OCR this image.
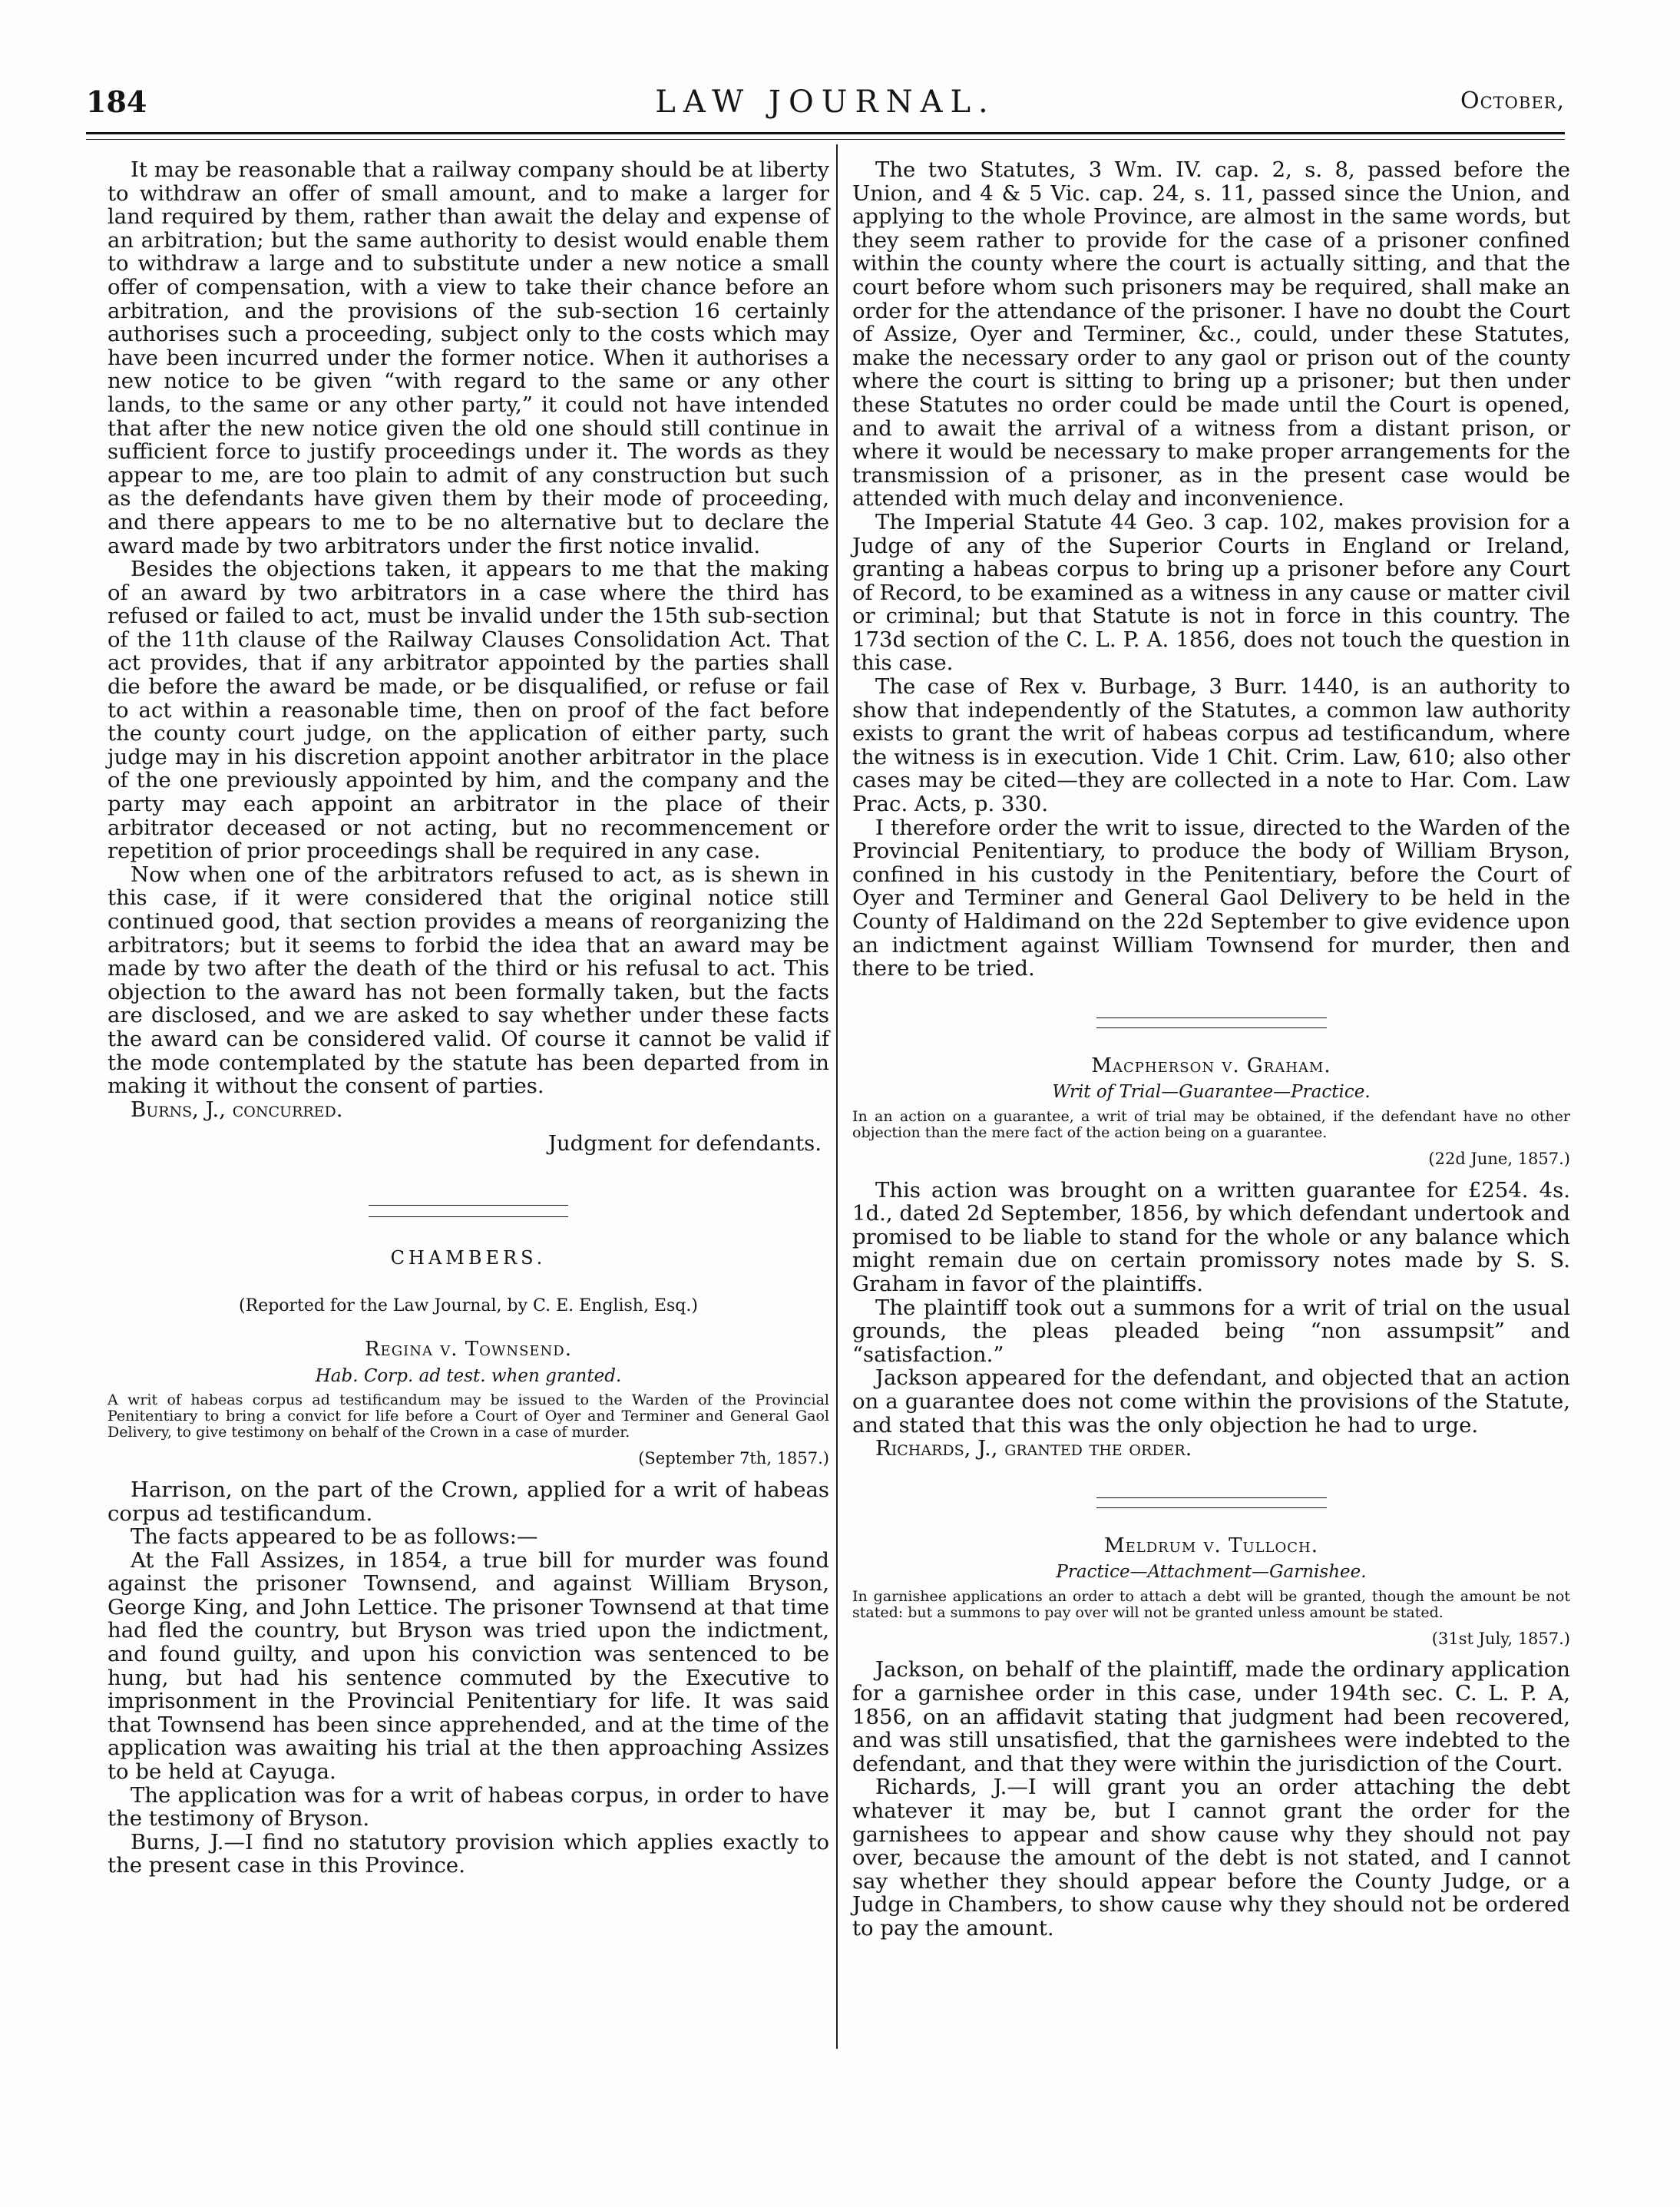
184	LAW JOURNAL.	October,

It may be reasonable that a railway company should be at liberty to withdraw an offer of small amount, and to make a larger for land required by them, rather than await the delay and expense of an arbitration; but the same authority to desist would enable them to withdraw a large and to substitute under a new notice a small offer of compensation, with a view to take their chance before an arbitration, and the provisions of the sub-section 16 certainly authorises such a proceeding, subject only to the costs which may have been incurred under the former notice. When it authorises a new notice to be given “with regard to the same or any other lands, to the same or any other party,” it could not have intended that after the new notice given the old one should still continue in sufficient force to justify proceedings under it. The words as they appear to me, are too plain to admit of any construction but such as the defendants have given them by their mode of proceeding, and there appears to me to be no alternative but to declare the award made by two arbitrators under the first notice invalid.

Besides the objections taken, it appears to me that the making of an award by two arbitrators in a case where the third has refused or failed to act, must be invalid under the 15th sub-section of the 11th clause of the Railway Clauses Consolidation Act. That act provides, that if any arbitrator appointed by the parties shall die before the award be made, or be disqualified, or refuse or fail to act within a reasonable time, then on proof of the fact before the county court judge, on the application of either party, such judge may in his discretion appoint another arbitrator in the place of the one previously appointed by him, and the company and the party may each appoint an arbitrator in the place of their arbitrator deceased or not acting, but no recommencement or repetition of prior proceedings shall be required in any case.

Now when one of the arbitrators refused to act, as is shewn in this case, if it were considered that the original notice still continued good, that section provides a means of reorganizing the arbitrators; but it seems to forbid the idea that an award may be made by two after the death of the third or his refusal to act. This objection to the award has not been formally taken, but the facts are disclosed, and we are asked to say whether under these facts the award can be considered valid. Of course it cannot be valid if the mode contemplated by the statute has been departed from in making it without the consent of parties.

Burns, J., concurred.

Judgment for defendants.
CHAMBERS.
(Reported for the Law Journal, by C. E. English, Esq.)
Regina v. Townsend.
Hab. Corp. ad test. when granted.

A writ of habeas corpus ad testificandum may be issued to the Warden of the Provincial Penitentiary to bring a convict for life before a Court of Oyer and Terminer and General Gaol Delivery, to give testimony on behalf of the Crown in a case of murder.

(September 7th, 1857.)

Harrison, on the part of the Crown, applied for a writ of habeas corpus ad testificandum.

The facts appeared to be as follows:—

At the Fall Assizes, in 1854, a true bill for murder was found against the prisoner Townsend, and against William Bryson, George King, and John Lettice. The prisoner Townsend at that time had fled the country, but Bryson was tried upon the indictment, and found guilty, and upon his conviction was sentenced to be hung, but had his sentence commuted by the Executive to imprisonment in the Provincial Penitentiary for life. It was said that Townsend has been since apprehended, and at the time of the application was awaiting his trial at the then approaching Assizes to be held at Cayuga.

The application was for a writ of habeas corpus, in order to have the testimony of Bryson.

Burns, J.—I find no statutory provision which applies exactly to the present case in this Province.

The two Statutes, 3 Wm. IV. cap. 2, s. 8, passed before the Union, and 4 & 5 Vic. cap. 24, s. 11, passed since the Union, and applying to the whole Province, are almost in the same words, but they seem rather to provide for the case of a prisoner confined within the county where the court is actually sitting, and that the court before whom such prisoners may be required, shall make an order for the attendance of the prisoner. I have no doubt the Court of Assize, Oyer and Terminer, &c., could, under these Statutes, make the necessary order to any gaol or prison out of the county where the court is sitting to bring up a prisoner; but then under these Statutes no order could be made until the Court is opened, and to await the arrival of a witness from a distant prison, or where it would be necessary to make proper arrangements for the transmission of a prisoner, as in the present case would be attended with much delay and inconvenience.

The Imperial Statute 44 Geo. 3 cap. 102, makes provision for a Judge of any of the Superior Courts in England or Ireland, granting a habeas corpus to bring up a prisoner before any Court of Record, to be examined as a witness in any cause or matter civil or criminal; but that Statute is not in force in this country. The 173d section of the C. L. P. A. 1856, does not touch the question in this case.

The case of Rex v. Burbage, 3 Burr. 1440, is an authority to show that independently of the Statutes, a common law authority exists to grant the writ of habeas corpus ad testificandum, where the witness is in execution. Vide 1 Chit. Crim. Law, 610; also other cases may be cited—they are collected in a note to Har. Com. Law Prac. Acts, p. 330.

I therefore order the writ to issue, directed to the Warden of the Provincial Penitentiary, to produce the body of William Bryson, confined in his custody in the Penitentiary, before the Court of Oyer and Terminer and General Gaol Delivery to be held in the County of Haldimand on the 22d September to give evidence upon an indictment against William Townsend for murder, then and there to be tried.

Macpherson v. Graham.
Writ of Trial—Guarantee—Practice.

In an action on a guarantee, a writ of trial may be obtained, if the defendant have no other objection than the mere fact of the action being on a guarantee.

(22d June, 1857.)

This action was brought on a written guarantee for £254. 4s. 1d., dated 2d September, 1856, by which defendant undertook and promised to be liable to stand for the whole or any balance which might remain due on certain promissory notes made by S. S. Graham in favor of the plaintiffs.

The plaintiff took out a summons for a writ of trial on the usual grounds, the pleas pleaded being “non assumpsit” and “satisfaction.”

Jackson appeared for the defendant, and objected that an action on a guarantee does not come within the provisions of the Statute, and stated that this was the only objection he had to urge.

Richards, J., granted the order.

Meldrum v. Tulloch.
Practice—Attachment—Garnishee.

In garnishee applications an order to attach a debt will be granted, though the amount be not stated: but a summons to pay over will not be granted unless amount be stated.

(31st July, 1857.)

Jackson, on behalf of the plaintiff, made the ordinary application for a garnishee order in this case, under 194th sec. C. L. P. A, 1856, on an affidavit stating that judgment had been recovered, and was still unsatisfied, that the garnishees were indebted to the defendant, and that they were within the jurisdiction of the Court.

Richards, J.—I will grant you an order attaching the debt whatever it may be, but I cannot grant the order for the garnishees to appear and show cause why they should not pay over, because the amount of the debt is not stated, and I cannot say whether they should appear before the County Judge, or a Judge in Chambers, to show cause why they should not be ordered to pay the amount.
